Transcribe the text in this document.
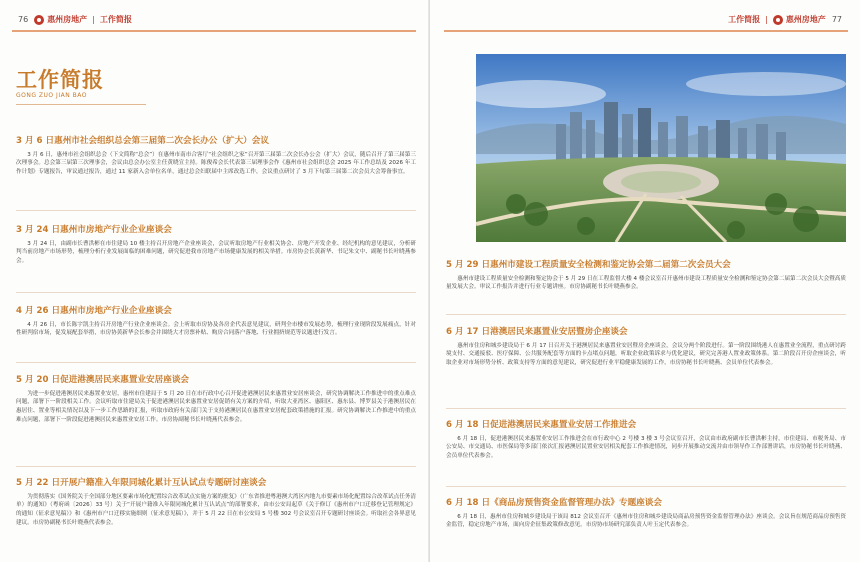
76 惠州房地产 | 工作简报
工作简报
GONG ZUO JIAN BAO
3 月 6 日惠州市社会组织总会第三届第二次会长办公（扩大）会议

3 月 6 日，惠州市社会组织总会（下文简称“总会”）在惠州市南市合客厅“社会组织之家”召开第三届第二次会长办公会（扩大）会议，随后召开了第三届第三次理事会。总会第三届第三次理事会，会议由总会办公室主任黄晓宣主持。陈俊希会长代表第三届理事会作《惠州市社会组织总会 2025 年工作总结及 2026 年工作计划》专题报告，审议通过报告，通过 11 家新入会单位名单，通过总会妇联届中主席改选工作，会议重点研讨了 3 月下旬第三届第二次会员大会筹备事宜。

3 月 24 日惠州市房地产行业企业座谈会

3 月 24 日，由副市长曹洪彬在市住建局 10 楼主持召开房地产企业座谈会，会议听取房地产行业相关协会、房地产开发企业、经纪机构的意见建议，分析研判当前房地产市场形势，梳理分析行业发展面临的困难问题，研究促进我市房地产市场健康发展的相关举措。市房协会长黄新华、书记朱文中、副秘书长叶晓燕参会。

4 月 26 日惠州市房地产行业企业座谈会

4 月 26 日，市长陈宇凯主持召开房地产行业企业座谈会。会上听取市房协及各房企代表意见建议，研判全市楼市发展态势，梳理行业现阶段发展痛点，针对性研判宿市场，促发展配套举措，市房协黄新华会长参会并围绕大才房票补贴、购房合同落户落地、行业拥挤规范等议题进行发言。

5 月 20 日促进港澳居民来惠置业安居座谈会

为进一步促进港澳居民来惠置业安居，惠州市住建局于 5 月 20 日在市行政中心召开促进港澳居民来惠置业安居座谈会，研究协调解决工作推进中的重点难点问题，部署下一阶段相关工作。会议听取市住建局关于促进港澳居民来惠置业安居促销有关方案的介绍，听取大亚湾区、惠阳区、惠东县、博罗县关于港澳居民在惠居住、置业等相关情况以及下一步工作思路的汇报，听取市政府有关部门关于支持港澳居民在惠置业安居配套政策措施的汇报。研究协调解决工作推进中的重点难点问题，部署下一阶段促进港澳居民来惠置业安居工作。市房协副秘书长叶晓燕代表参会。

5 月 22 日开展户籍准入年限同城化累计互认试点专题研讨座谈会

为贯彻落实《国务院关于全国部分地区要素市场化配置综合改革试点实施方案的批复》（广东省推进粤港澳大湾区内地九市要素市场化配置综合改革试点任务清单）的通知》（粤府函〔2026〕33 号）关于“开展户籍准入年限同城化累计互认试点”的部署要求，由市公安局起草《关于修订《惠州市户口迁移登记管理规定》的通知（征求意见稿）》和《惠州市户口迁移实施细则（征求意见稿）》，并于 5 月 22 日在市公安局 5 号楼 302 号会议室召开专题研讨座谈会。听取社会各界意见建议。市房协副秘书长叶晓燕代表参会。

工作简报 | 惠州房地产 77
5 月 29 日惠州市建设工程质量安全检测和鉴定协会第二届第二次会员大会

惠州市建设工程质量安全检测和鉴定协会于 5 月 29 日在工程监督大楼 4 楼会议室召开惠州市建设工程质量安全检测和鉴定协会第二届第二次会员大会暨高质量发展大会。审议工作报告并进行行业专题讲座。市房协副秘书长叶晓燕参会。

6 月 17 日港澳居民来惠置业安居暨房企座谈会

惠州市住房和城乡建设局于 6 月 17 日召开关于港澳居民来惠置业安居暨房企座谈会，会议分两个阶段进行。第一阶段围绕港人在惠置业全流程，重点研讨跨境支付、交通接驳、医疗保障、公共服务配套等方面的卡点堵点问题，听取企业政策诉求与优化建议，研究完善港人置业政策体系。第二阶段召开房企座谈会，听取企业对市场形势分析、政策支持等方面的意见建议，研究促进行业平稳健康发展的工作，市房协秘书长叶晓燕、会员单位代表参会。

6 月 18 日促进港澳居民来惠置业安居工作推进会

6 月 18 日，促进港澳居民来惠置业安居工作推进会在市行政中心 2 号楼 3 楼 3 号会议室召开，会议由市政府副市长曹洪彬主持，市住建局、市税务局、市公安局、市交通局、市医保局等多部门依次汇报港澳居民置业安居相关配套工作推进情况，同步开展推动交流并由市领导作工作部署讲话，市房协秘书长叶晓燕、会员单位代表参会。

6 月 18 日《商品房预售资金监督管理办法》专题座谈会

6 月 18 日，惠州市住房和城乡建设局于该局 812 会议室召开《惠州市住房和城乡建设局商品房预售资金监督管理办法》座谈会。会议旨在规范商品房预售资金监管，稳定房地产市场，面向房企征集政策修改意见。市房协市场研究部负责人叶玉定代表参会。
